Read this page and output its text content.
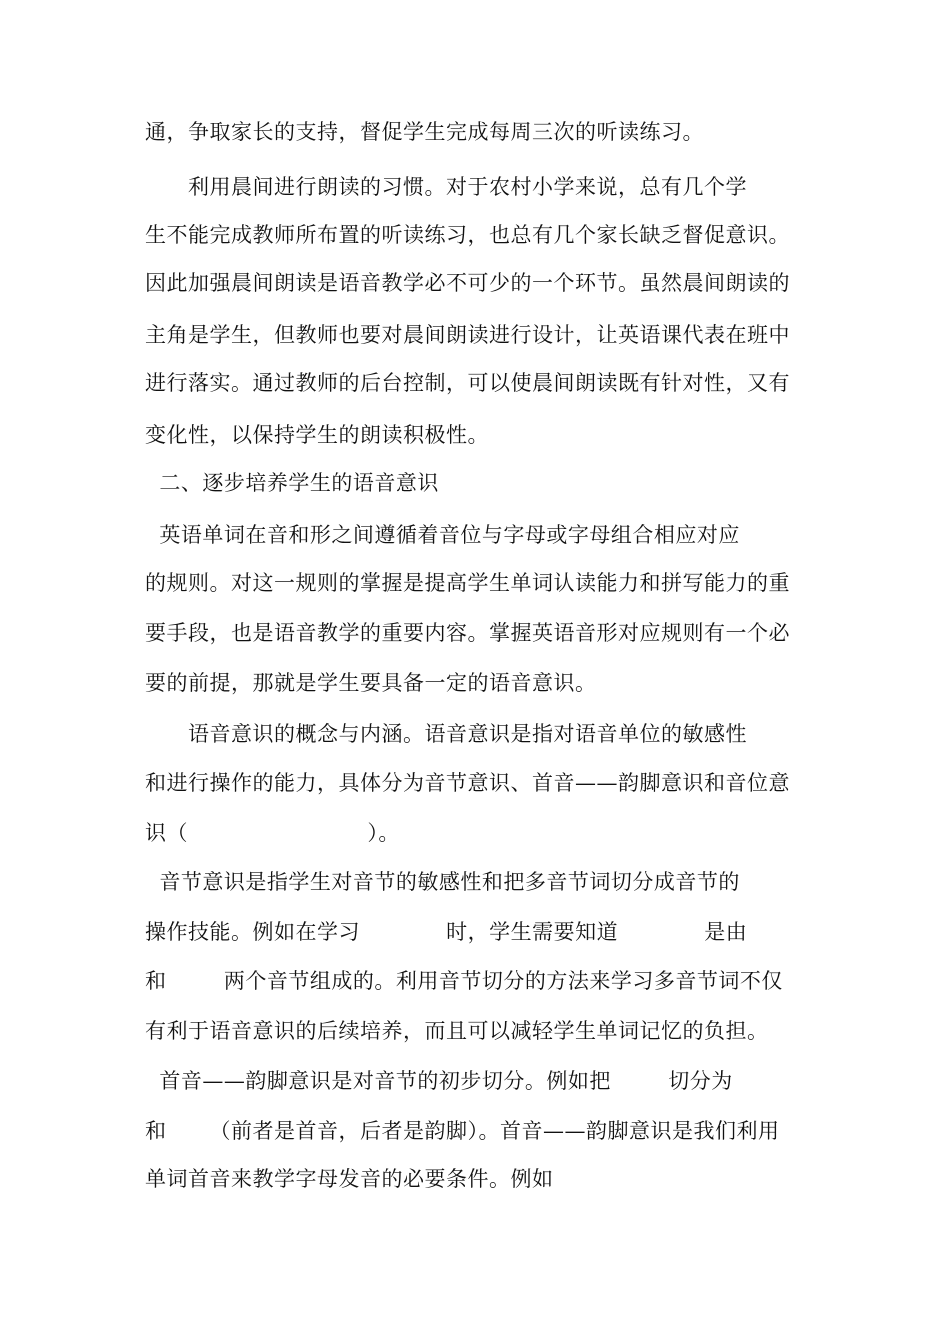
通，争取家长的支持，督促学生完成每周三次的听读练习。
利用晨间进行朗读的习惯。对于农村小学来说，总有几个学
生不能完成教师所布置的听读练习，也总有几个家长缺乏督促意识。
因此加强晨间朗读是语音教学必不可少的一个环节。虽然晨间朗读的
主角是学生，但教师也要对晨间朗读进行设计，让英语课代表在班中
进行落实。通过教师的后台控制，可以使晨间朗读既有针对性，又有
变化性，以保持学生的朗读积极性。
二、逐步培养学生的语音意识
英语单词在音和形之间遵循着音位与字母或字母组合相应对应
的规则。对这一规则的掌握是提高学生单词认读能力和拼写能力的重
要手段，也是语音教学的重要内容。掌握英语音形对应规则有一个必
要的前提，那就是学生要具备一定的语音意识。
语音意识的概念与内涵。语音意识是指对语音单位的敏感性
和进行操作的能力，具体分为音节意识、首音——韵脚意识和音位意
识（                         ）。
音节意识是指学生对音节的敏感性和把多音节词切分成音节的
操作技能。例如在学习            时，学生需要知道            是由
和        两个音节组成的。利用音节切分的方法来学习多音节词不仅
有利于语音意识的后续培养，而且可以减轻学生单词记忆的负担。
首音——韵脚意识是对音节的初步切分。例如把        切分为
和      （前者是首音，后者是韵脚）。首音——韵脚意识是我们利用
单词首音来教学字母发音的必要条件。例如
